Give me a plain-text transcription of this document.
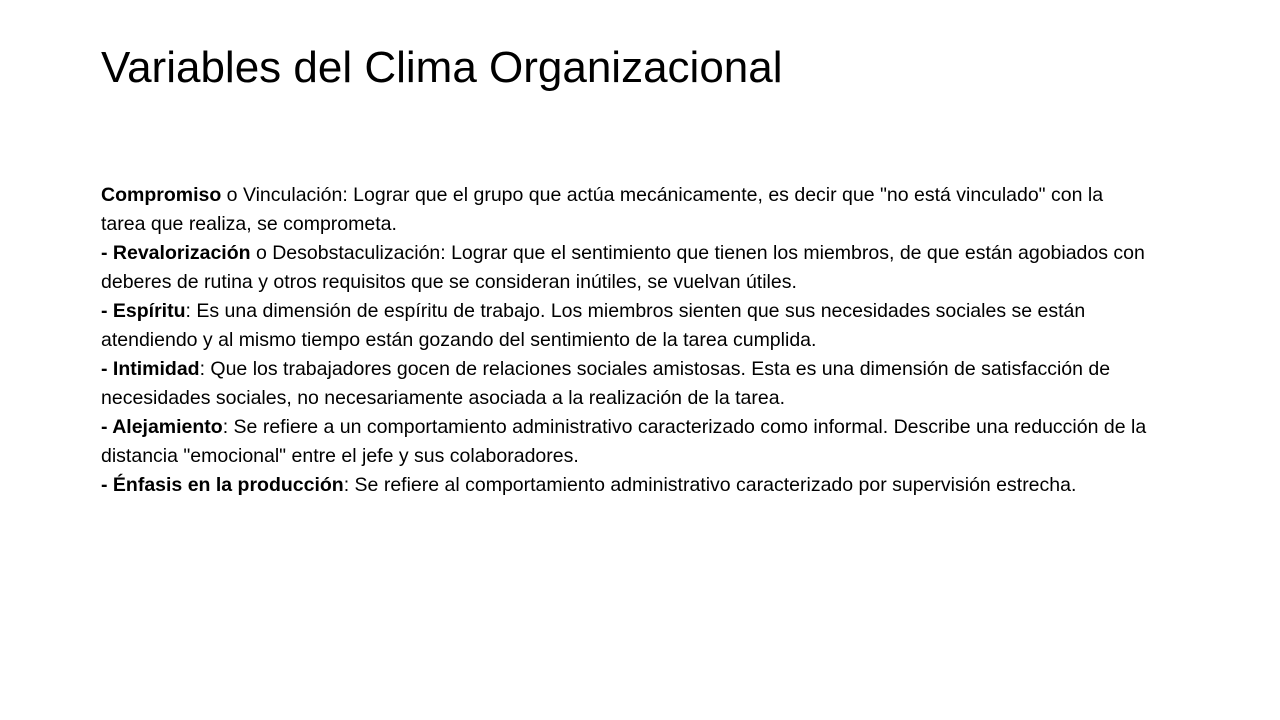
Variables del Clima Organizacional
Compromiso o Vinculación: Lograr que el grupo que actúa mecánicamente, es decir que "no está vinculado" con la tarea que realiza, se comprometa.
- Revalorización o Desobstaculización: Lograr que el sentimiento que tienen los miembros, de que están agobiados con deberes de rutina y otros requisitos que se consideran inútiles, se vuelvan útiles.
- Espíritu: Es una dimensión de espíritu de trabajo. Los miembros sienten que sus necesidades sociales se están atendiendo y al mismo tiempo están gozando del sentimiento de la tarea cumplida.
- Intimidad: Que los trabajadores gocen de relaciones sociales amistosas. Esta es una dimensión de satisfacción de necesidades sociales, no necesariamente asociada a la realización de la tarea.
- Alejamiento: Se refiere a un comportamiento administrativo caracterizado como informal. Describe una reducción de la distancia "emocional" entre el jefe y sus colaboradores.
- Énfasis en la producción: Se refiere al comportamiento administrativo caracterizado por supervisión estrecha.
